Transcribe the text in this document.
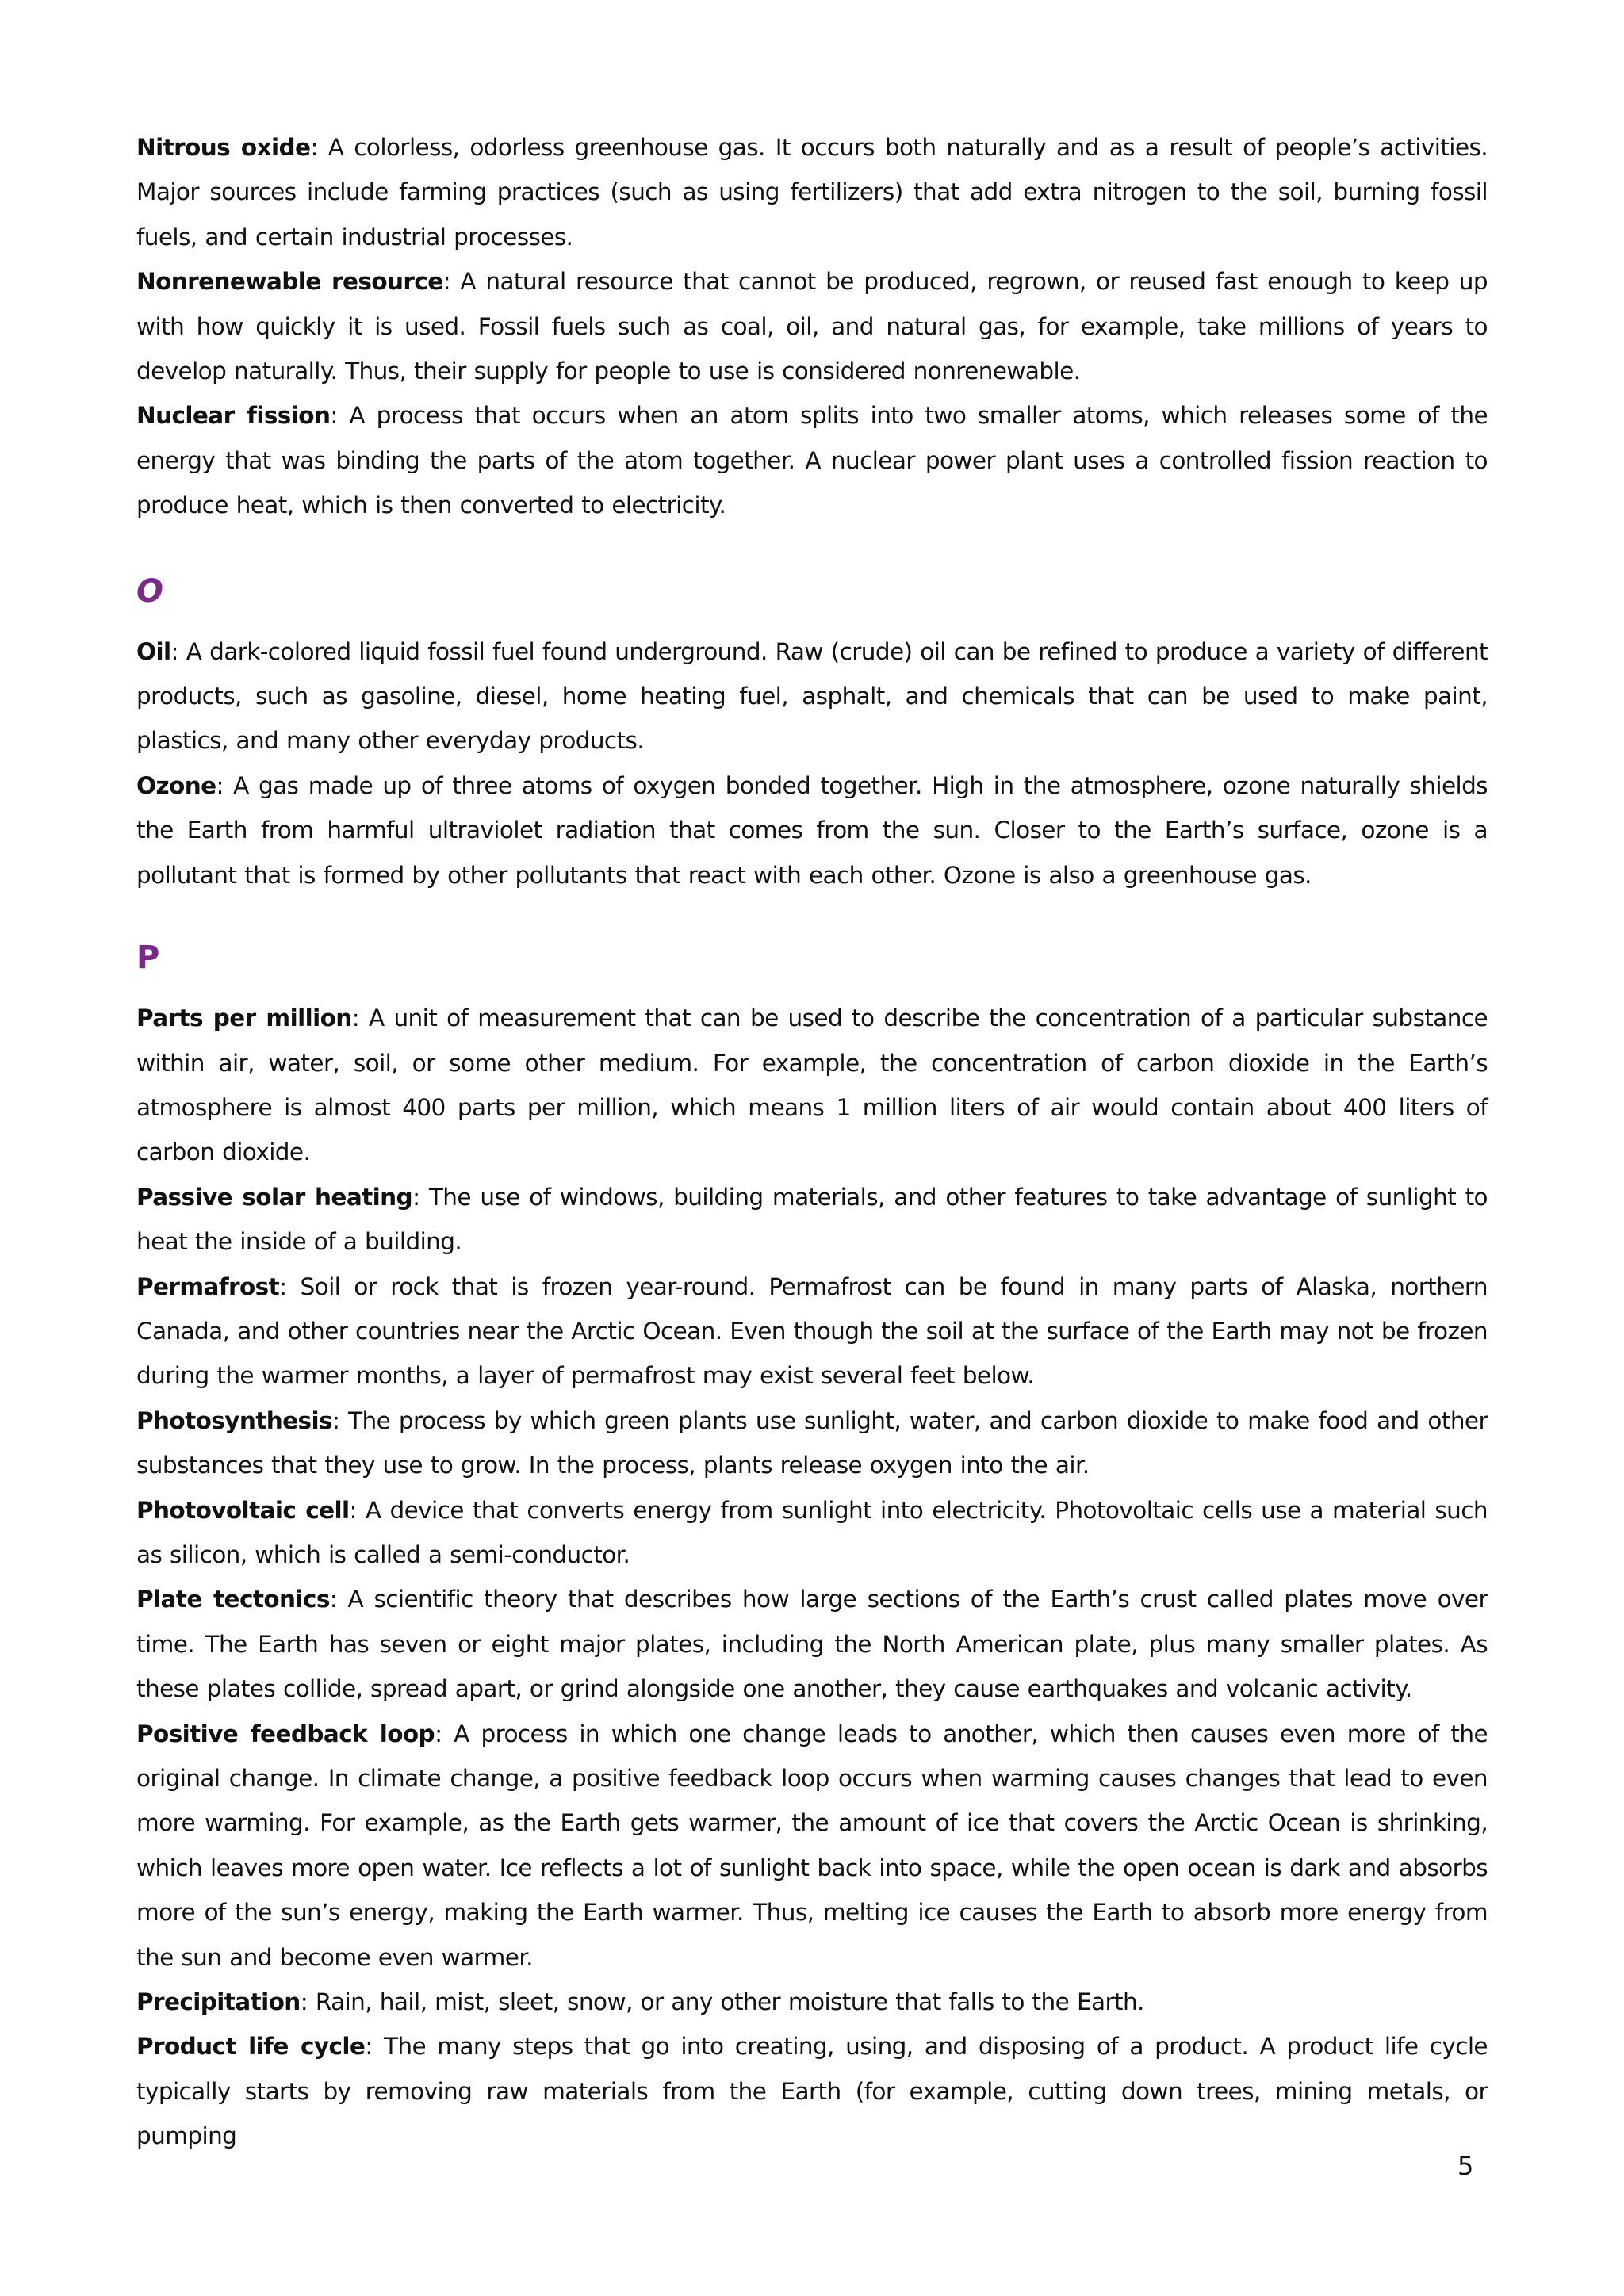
Nitrous oxide: A colorless, odorless greenhouse gas. It occurs both naturally and as a result of people’s activities. Major sources include farming practices (such as using fertilizers) that add extra nitrogen to the soil, burning fossil fuels, and certain industrial processes.

Nonrenewable resource: A natural resource that cannot be produced, regrown, or reused fast enough to keep up with how quickly it is used. Fossil fuels such as coal, oil, and natural gas, for example, take millions of years to develop naturally. Thus, their supply for people to use is considered nonrenewable.

Nuclear fission: A process that occurs when an atom splits into two smaller atoms, which releases some of the energy that was binding the parts of the atom together. A nuclear power plant uses a controlled fission reaction to produce heat, which is then converted to electricity.

O

Oil: A dark-colored liquid fossil fuel found underground. Raw (crude) oil can be refined to produce a variety of different products, such as gasoline, diesel, home heating fuel, asphalt, and chemicals that can be used to make paint, plastics, and many other everyday products.

Ozone: A gas made up of three atoms of oxygen bonded together. High in the atmosphere, ozone naturally shields the Earth from harmful ultraviolet radiation that comes from the sun. Closer to the Earth’s surface, ozone is a pollutant that is formed by other pollutants that react with each other. Ozone is also a greenhouse gas.

P

Parts per million: A unit of measurement that can be used to describe the concentration of a particular substance within air, water, soil, or some other medium. For example, the concentration of carbon dioxide in the Earth’s atmosphere is almost 400 parts per million, which means 1 million liters of air would contain about 400 liters of carbon dioxide.

Passive solar heating: The use of windows, building materials, and other features to take advantage of sunlight to heat the inside of a building.

Permafrost: Soil or rock that is frozen year-round. Permafrost can be found in many parts of Alaska, northern Canada, and other countries near the Arctic Ocean. Even though the soil at the surface of the Earth may not be frozen during the warmer months, a layer of permafrost may exist several feet below.

Photosynthesis: The process by which green plants use sunlight, water, and carbon dioxide to make food and other substances that they use to grow. In the process, plants release oxygen into the air.

Photovoltaic cell: A device that converts energy from sunlight into electricity. Photovoltaic cells use a material such as silicon, which is called a semi-conductor.

Plate tectonics: A scientific theory that describes how large sections of the Earth’s crust called plates move over time. The Earth has seven or eight major plates, including the North American plate, plus many smaller plates. As these plates collide, spread apart, or grind alongside one another, they cause earthquakes and volcanic activity.

Positive feedback loop: A process in which one change leads to another, which then causes even more of the original change. In climate change, a positive feedback loop occurs when warming causes changes that lead to even more warming. For example, as the Earth gets warmer, the amount of ice that covers the Arctic Ocean is shrinking, which leaves more open water. Ice reflects a lot of sunlight back into space, while the open ocean is dark and absorbs more of the sun’s energy, making the Earth warmer. Thus, melting ice causes the Earth to absorb more energy from the sun and become even warmer.

Precipitation: Rain, hail, mist, sleet, snow, or any other moisture that falls to the Earth.

Product life cycle: The many steps that go into creating, using, and disposing of a product. A product life cycle typically starts by removing raw materials from the Earth (for example, cutting down trees, mining metals, or pumping

5
